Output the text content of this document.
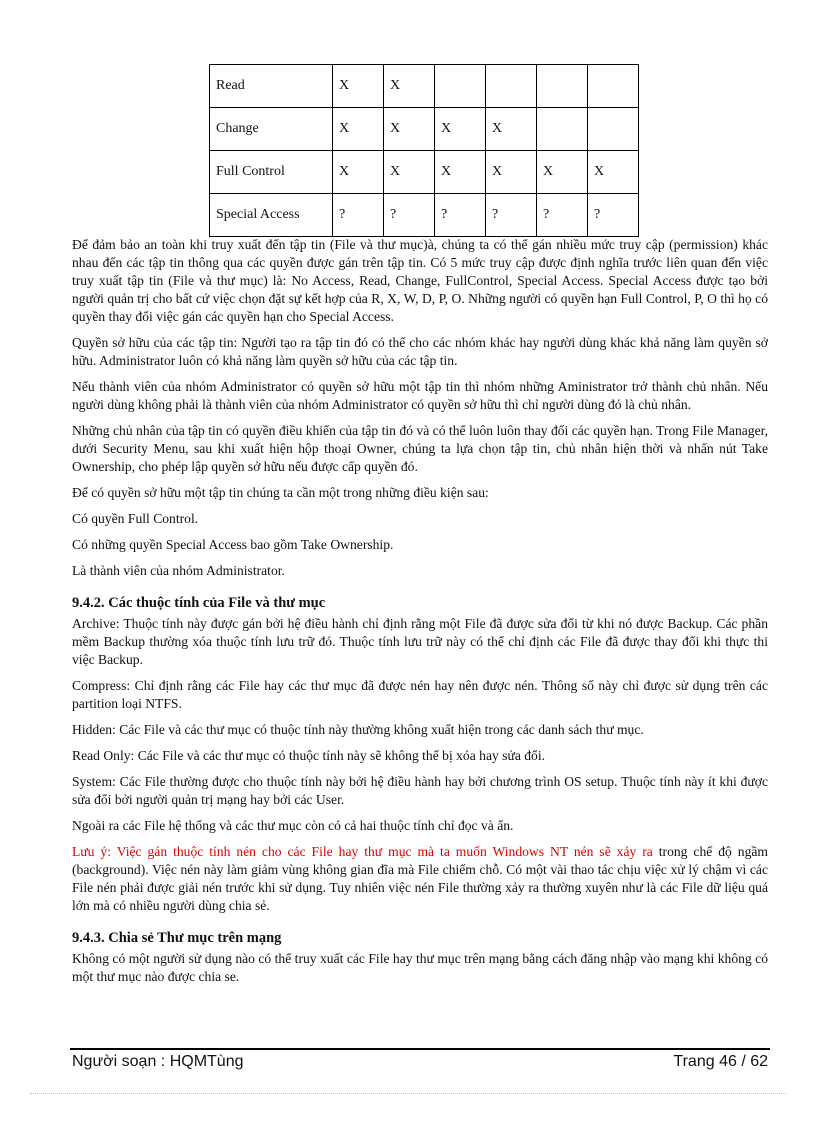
Read	X	X				
Change	X	X	X	X		
Full Control	X	X	X	X	X	X
Special Access	?	?	?	?	?	?

Để đảm bảo an toàn khi truy xuất đến tập tin (File và thư mục)à, chúng ta có thể gán nhiều mức truy cập (permission) khác nhau đến các tập tin thông qua các quyền được gán trên tập tin. Có 5 mức truy cập được định nghĩa trước liên quan đến việc truy xuất tập tin (File và thư mục) là: No Access, Read, Change, FullControl, Special Access. Special Access được tạo bởi người quản trị cho bất cứ việc chọn đặt sự kết hợp của R, X, W, D, P, O. Những người có quyền hạn Full Control, P, O thì họ có quyền thay đổi việc gán các quyền hạn cho Special Access.

Quyền sở hữu của các tập tin: Người tạo ra tập tin đó có thể cho các nhóm khác hay người dùng khác khả năng làm quyền sở hữu. Administrator luôn có khả năng làm quyền sở hữu của các tập tin.

Nếu thành viên của nhóm Administrator có quyền sở hữu một tập tin thì nhóm những Aministrator trở thành chủ nhân. Nếu người dùng không phải là thành viên của nhóm Administrator có quyền sở hữu thì chỉ người dùng đó là chủ nhân.

Những chủ nhân của tập tin có quyền điều khiển của tập tin đó và có thể luôn luôn thay đổi các quyền hạn. Trong File Manager, dưới Security Menu, sau khi xuất hiện hộp thoại Owner, chúng ta lựa chọn tập tin, chủ nhân hiện thời và nhấn nút Take Ownership, cho phép lập quyền sở hữu nếu được cấp quyền đó.

Để có quyền sở hữu một tập tin chúng ta cần một trong những điều kiện sau:

Có quyền Full Control.

Có những quyền Special Access bao gồm Take Ownership.

Là thành viên của nhóm Administrator.

9.4.2. Các thuộc tính của File và thư mục

Archive: Thuộc tính này được gán bởi hệ điều hành chỉ định rằng một File đã được sửa đổi từ khi nó được Backup. Các phần mềm Backup thường xóa thuộc tính lưu trữ đó. Thuộc tính lưu trữ này có thể chỉ định các File đã được thay đổi khi thực thi việc Backup.

Compress: Chỉ định rằng các File hay các thư mục đã được nén hay nên được nén. Thông số này chỉ được sử dụng trên các partition loại NTFS.

Hidden: Các File và các thư mục có thuộc tính này thường không xuất hiện trong các danh sách thư mục.

Read Only: Các File và các thư mục có thuộc tính này sẽ không thể bị xóa hay sửa đổi.

System: Các File thường được cho thuộc tính này bởi hệ điều hành hay bởi chương trình OS setup. Thuộc tính này ít khi được sửa đổi bởi người quản trị mạng hay bởi các User.

Ngoài ra các File hệ thống và các thư mục còn có cả hai thuộc tính chỉ đọc và ẩn.

Lưu ý: Việc gán thuộc tính nén cho các File hay thư mục mà ta muốn Windows NT nén sẽ xảy ra trong chế độ ngầm (background). Việc nén này làm giảm vùng không gian đĩa mà File chiếm chỗ. Có một vài thao tác chịu việc xử lý chậm vì các File nén phải được giải nén trước khi sử dụng. Tuy nhiên việc nén File thường xảy ra thường xuyên như là các File dữ liệu quá lớn mà có nhiều người dùng chia sẻ.

9.4.3. Chia sẻ Thư mục trên mạng

Không có một người sử dụng nào có thể truy xuất các File hay thư mục trên mạng bằng cách đăng nhập vào mạng khi không có một thư mục nào được chia se.

Người soạn : HQMTùng	Trang 46 / 62
